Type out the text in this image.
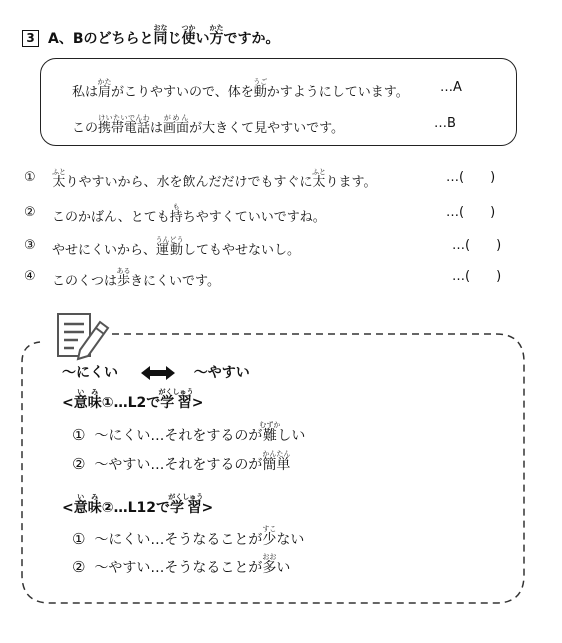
3 A、Bのどちらと同おなじ使つかい方かたですか。
私は肩かたがこりやすいので、体を動うごかすようにしています。 …A
この携帯電話けいたいでんわは画面がめんが大きくて見やすいです。	…B
① 太ふとりやすいから、水を飲んだだけでもすぐに太ふとります。	…(　　)
② このかばん、とても持もちやすくていいですね。	…(　　)
③ やせにくいから、運動うんどうしてもやせないし。	…(　　)
④ このくつは歩あるきにくいです。	…(　　)
～にくい	～やすい
<意味いみ①…L2で学習がくしゅう>
① ～にくい…それをするのが難むずかしい
② ～やすい…それをするのが簡単かんたん
<意味いみ②…L12で学習がくしゅう>
① ～にくい…そうなることが少すこない
② ～やすい…そうなることが多おおい
